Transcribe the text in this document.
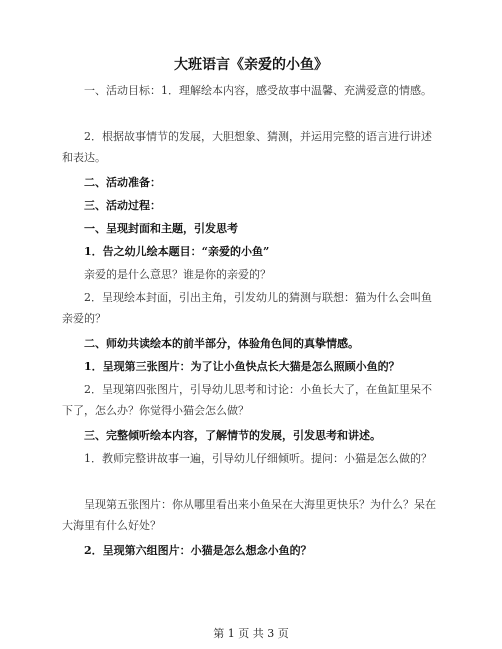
大班语言《亲爱的小鱼》

一、活动目标：1．理解绘本内容，感受故事中温馨、充满爱意的情感。

2．根据故事情节的发展，大胆想象、猜测，并运用完整的语言进行讲述和表达。

二、活动准备：

三、活动过程：

一、呈现封面和主题，引发思考

1．告之幼儿绘本题目：“亲爱的小鱼”

亲爱的是什么意思？谁是你的亲爱的？

2．呈现绘本封面，引出主角，引发幼儿的猜测与联想：猫为什么会叫鱼亲爱的？

二、师幼共读绘本的前半部分，体验角色间的真挚情感。

1．呈现第三张图片：为了让小鱼快点长大猫是怎么照顾小鱼的？

2．呈现第四张图片，引导幼儿思考和讨论：小鱼长大了，在鱼缸里呆不下了，怎么办？你觉得小猫会怎么做？

三、完整倾听绘本内容，了解情节的发展，引发思考和讲述。

1．教师完整讲故事一遍，引导幼儿仔细倾听。提问：小猫是怎么做的？

呈现第五张图片：你从哪里看出来小鱼呆在大海里更快乐？为什么？呆在大海里有什么好处？

2．呈现第六组图片：小猫是怎么想念小鱼的？

第 1 页 共 3 页
